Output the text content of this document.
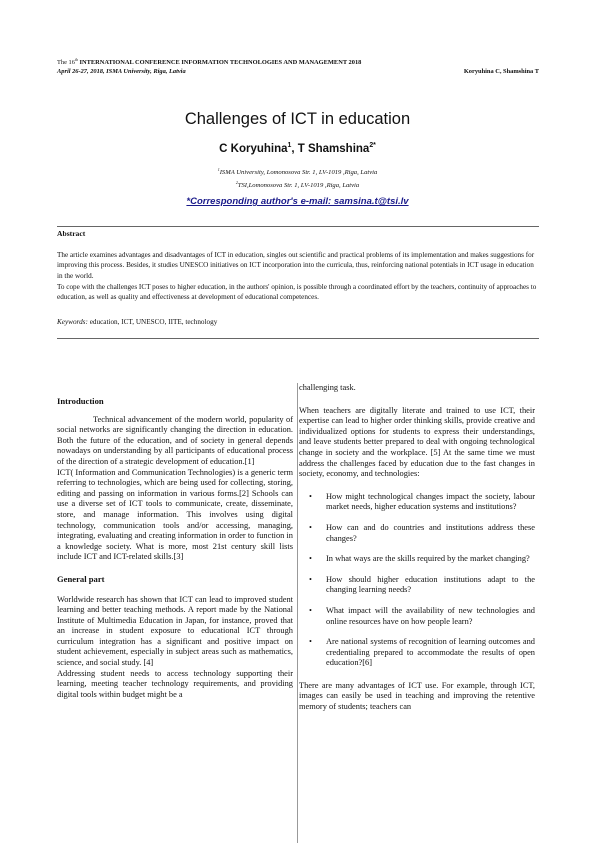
The 16th INTERNATIONAL CONFERENCE INFORMATION TECHNOLOGIES AND MANAGEMENT 2018
April 26-27, 2018, ISMA University, Riga, Latvia	Koryuhina C, Shamshina T
Challenges of ICT in education
C Koryuhina$^1$, T Shamshina$^{2*}$
$^1$ISMA University, Lomonosova Str. 1, LV-1019 ,Riga, Latvia
$^2$TSI,Lomonosova Str. 1, LV-1019 ,Riga, Latvia
*Corresponding author's e-mail: samsina.t@tsi.lv
Abstract
The article examines advantages and disadvantages of ICT in education, singles out scientific and practical problems of its implementation and makes suggestions for improving this process. Besides, it studies UNESCO initiatives on ICT incorporation into the curricula, thus, reinforcing national potentials in ICT usage in education in the world.
To cope with the challenges ICT poses to higher education, in the authors' opinion, is possible through a coordinated effort by the teachers, continuity of approaches to education, as well as quality and effectiveness at development of educational competences.
Keywords: education, ICT, UNESCO, IITE, technology
Introduction

Technical advancement of the modern world, popularity of social networks are significantly changing the direction in education. Both the future of the education, and of society in general depends nowadays on understanding by all participants of educational process of the direction of a strategic development of education.[1]

ICT( Information and Communication Technologies) is a generic term referring to technologies, which are being used for collecting, storing, editing and passing on information in various forms.[2] Schools can use a diverse set of ICT tools to communicate, create, disseminate, store, and manage information. This involves using digital technology, communication tools and/or accessing, managing, integrating, evaluating and creating information in order to function in a knowledge society. What is more, most 21st century skill lists include ICT and ICT-related skills.[3]

General part

Worldwide research has shown that ICT can lead to improved student learning and better teaching methods. A report made by the National Institute of Multimedia Education in Japan, for instance, proved that an increase in student exposure to educational ICT through curriculum integration has a significant and positive impact on student achievement, especially in subject areas such as mathematics, science, and social study. [4]

Addressing student needs to access technology supporting their learning, meeting teacher technology requirements, and providing digital tools within budget might be a

challenging task.

When teachers are digitally literate and trained to use ICT, their expertise can lead to higher order thinking skills, provide creative and individualized options for students to express their understandings, and leave students better prepared to deal with ongoing technological change in society and the workplace. [5] At the same time we must address the challenges faced by education due to the fast changes in society, economy, and technologies:

• How might technological changes impact the society, labour market needs, higher education systems and institutions?

• How can and do countries and institutions address these changes?

• In what ways are the skills required by the market changing?

• How should higher education institutions adapt to the changing learning needs?

• What impact will the availability of new technologies and online resources have on how people learn?

• Are national systems of recognition of learning outcomes and credentialing prepared to accommodate the results of open education?[6]

There are many advantages of ICT use. For example, through ICT, images can easily be used in teaching and improving the retentive memory of students; teachers can
